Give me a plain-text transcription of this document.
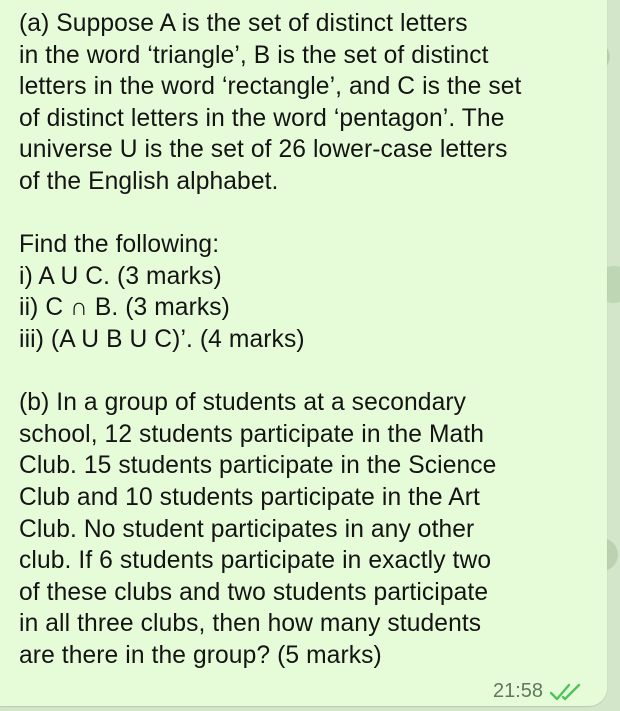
(a) Suppose A is the set of distinct letters
in the word ‘triangle’, B is the set of distinct
letters in the word ‘rectangle’, and C is the set
of distinct letters in the word ‘pentagon’. The
universe U is the set of 26 lower-case letters
of the English alphabet.
Find the following:
i) A U C. (3 marks)
ii) C ∩ B. (3 marks)
iii) (A U B U C)’. (4 marks)
(b) In a group of students at a secondary
school, 12 students participate in the Math
Club. 15 students participate in the Science
Club and 10 students participate in the Art
Club. No student participates in any other
club. If 6 students participate in exactly two
of these clubs and two students participate
in all three clubs, then how many students
are there in the group? (5 marks)
21:58
